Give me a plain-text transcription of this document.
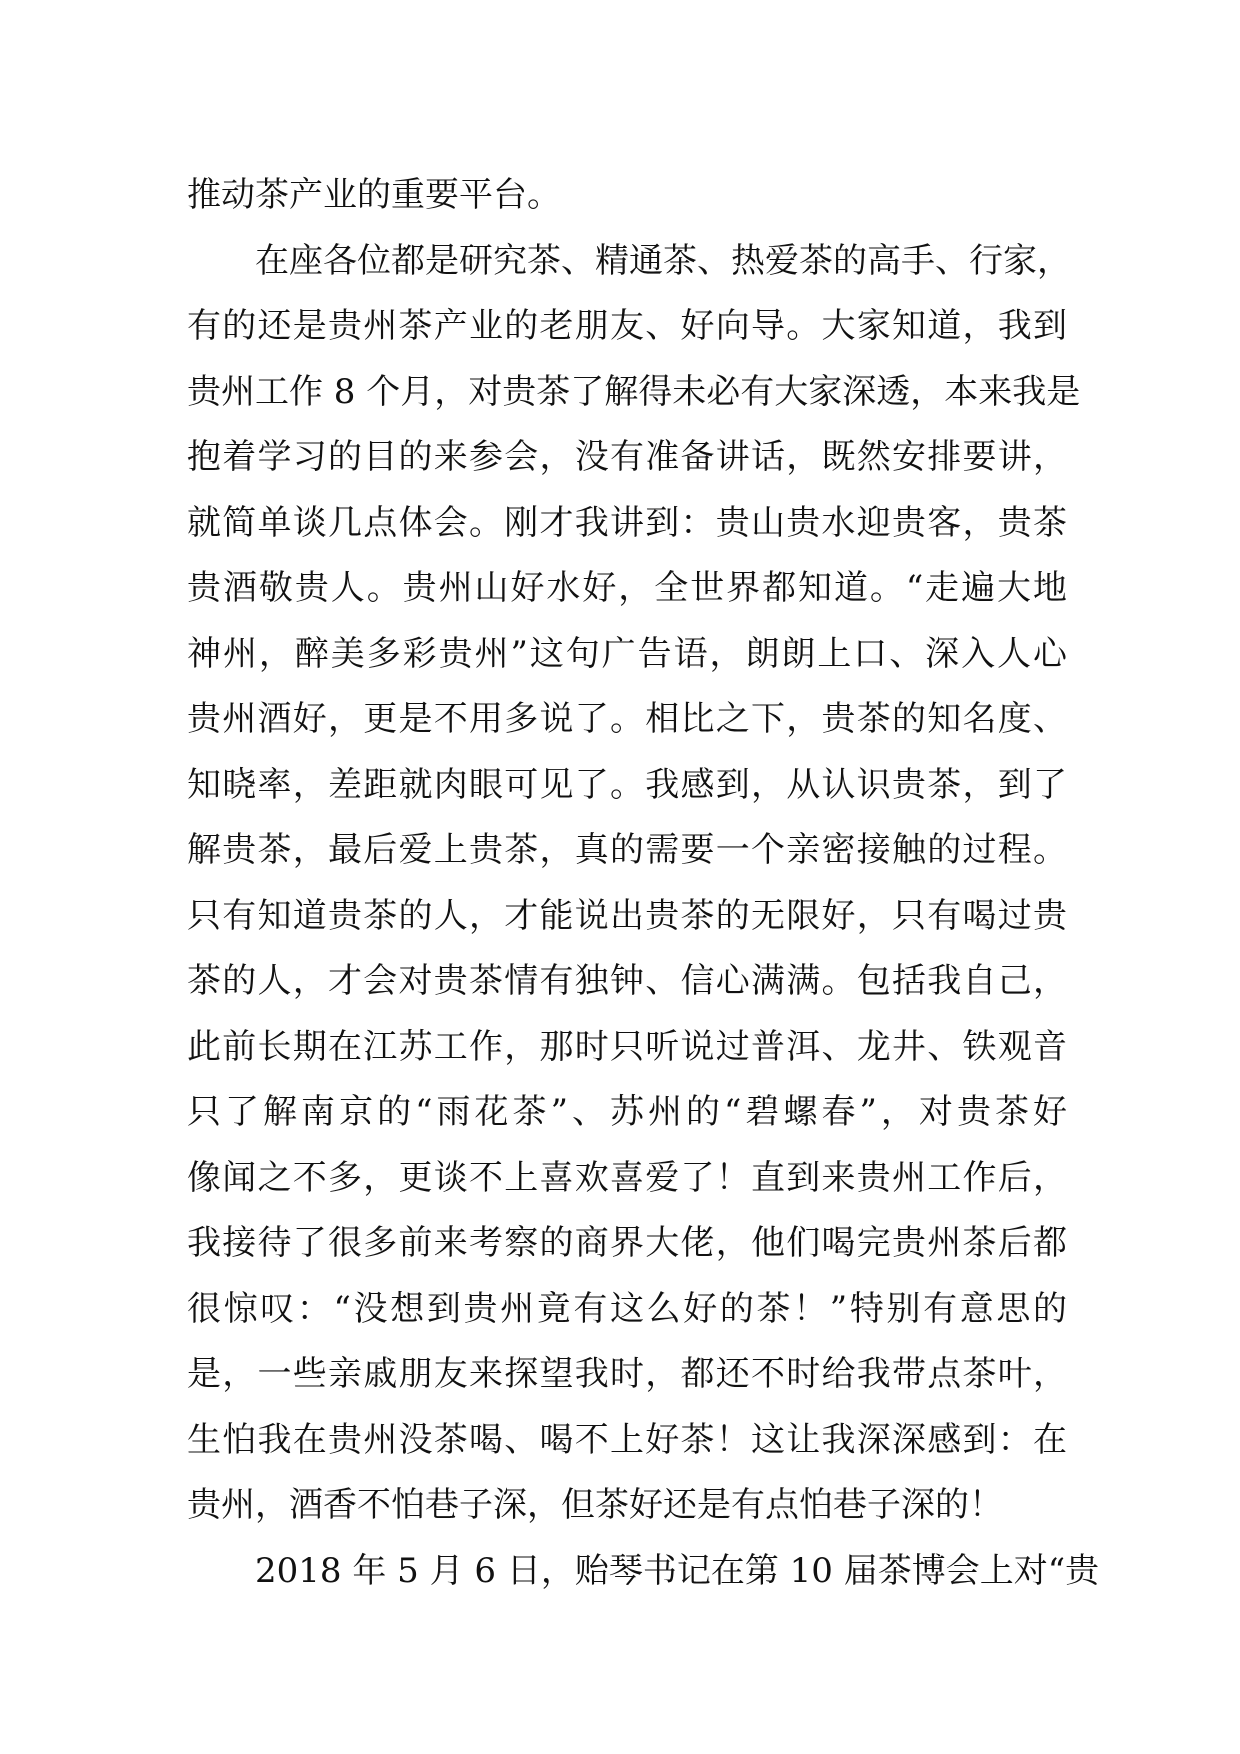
推动茶产业的重要平台。
在座各位都是研究茶、精通茶、热爱茶的高手、行家，
有的还是贵州茶产业的老朋友、好向导。大家知道，我到
贵州工作 8 个月，对贵茶了解得未必有大家深透，本来我是
抱着学习的目的来参会，没有准备讲话，既然安排要讲，
就简单谈几点体会。刚才我讲到：贵山贵水迎贵客，贵茶
贵酒敬贵人。贵州山好水好，全世界都知道。“走遍大地
神州，醉美多彩贵州”这句广告语，朗朗上口、深入人心
贵州酒好，更是不用多说了。相比之下，贵茶的知名度、
知晓率，差距就肉眼可见了。我感到，从认识贵茶，到了
解贵茶，最后爱上贵茶，真的需要一个亲密接触的过程。
只有知道贵茶的人，才能说出贵茶的无限好，只有喝过贵
茶的人，才会对贵茶情有独钟、信心满满。包括我自己，
此前长期在江苏工作，那时只听说过普洱、龙井、铁观音
只了解南京的“雨花茶”、苏州的“碧螺春”，对贵茶好
像闻之不多，更谈不上喜欢喜爱了！直到来贵州工作后，
我接待了很多前来考察的商界大佬，他们喝完贵州茶后都
很惊叹：“没想到贵州竟有这么好的茶！”特别有意思的
是，一些亲戚朋友来探望我时，都还不时给我带点茶叶，
生怕我在贵州没茶喝、喝不上好茶！这让我深深感到：在
贵州，酒香不怕巷子深，但茶好还是有点怕巷子深的！
2018 年 5 月 6 日，贻琴书记在第 10 届茶博会上对“贵
